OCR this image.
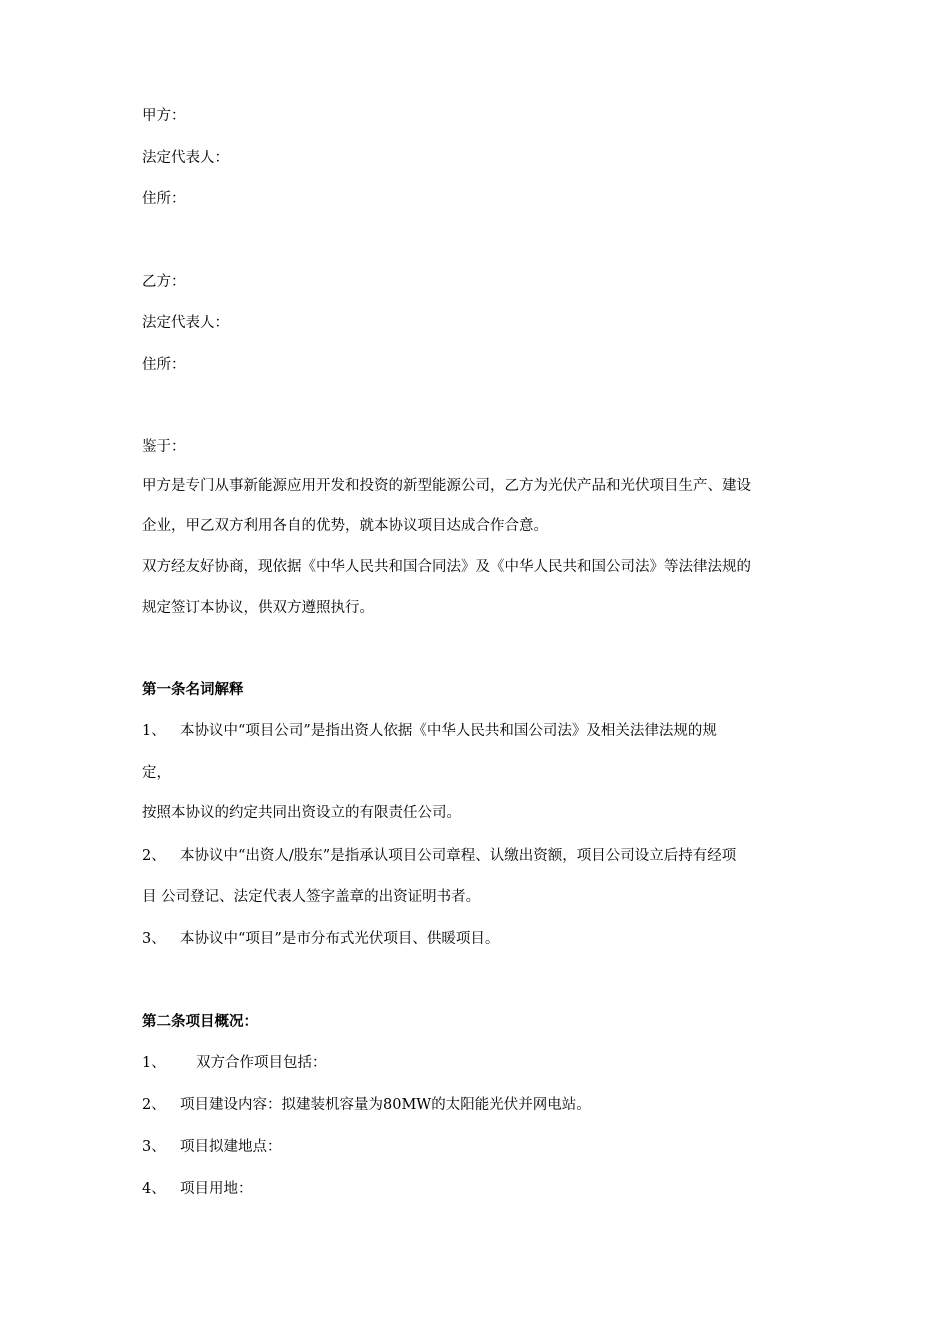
甲方：
法定代表人：
住所：
乙方：
法定代表人：
住所：
鉴于：
甲方是专门从事新能源应用开发和投资的新型能源公司，乙方为光伏产品和光伏项目生产、建设
企业，甲乙双方利用各自的优势，就本协议项目达成合作合意。
双方经友好协商，现依据《中华人民共和国合同法》及《中华人民共和国公司法》等法律法规的
规定签订本协议，供双方遵照执行。
第一条名词解释
1、 本协议中“项目公司”是指出资人依据《中华人民共和国公司法》及相关法律法规的规
定，
按照本协议的约定共同出资设立的有限责任公司。
2、 本协议中“出资人/股东”是指承认项目公司章程、认缴出资额，项目公司设立后持有经项
目 公司登记、法定代表人签字盖章的出资证明书者。
3、 本协议中“项目”是市分布式光伏项目、供暖项目。
第二条项目概况：
1、 双方合作项目包括：
2、 项目建设内容：拟建装机容量为80MW的太阳能光伏并网电站。
3、 项目拟建地点：
4、 项目用地：
